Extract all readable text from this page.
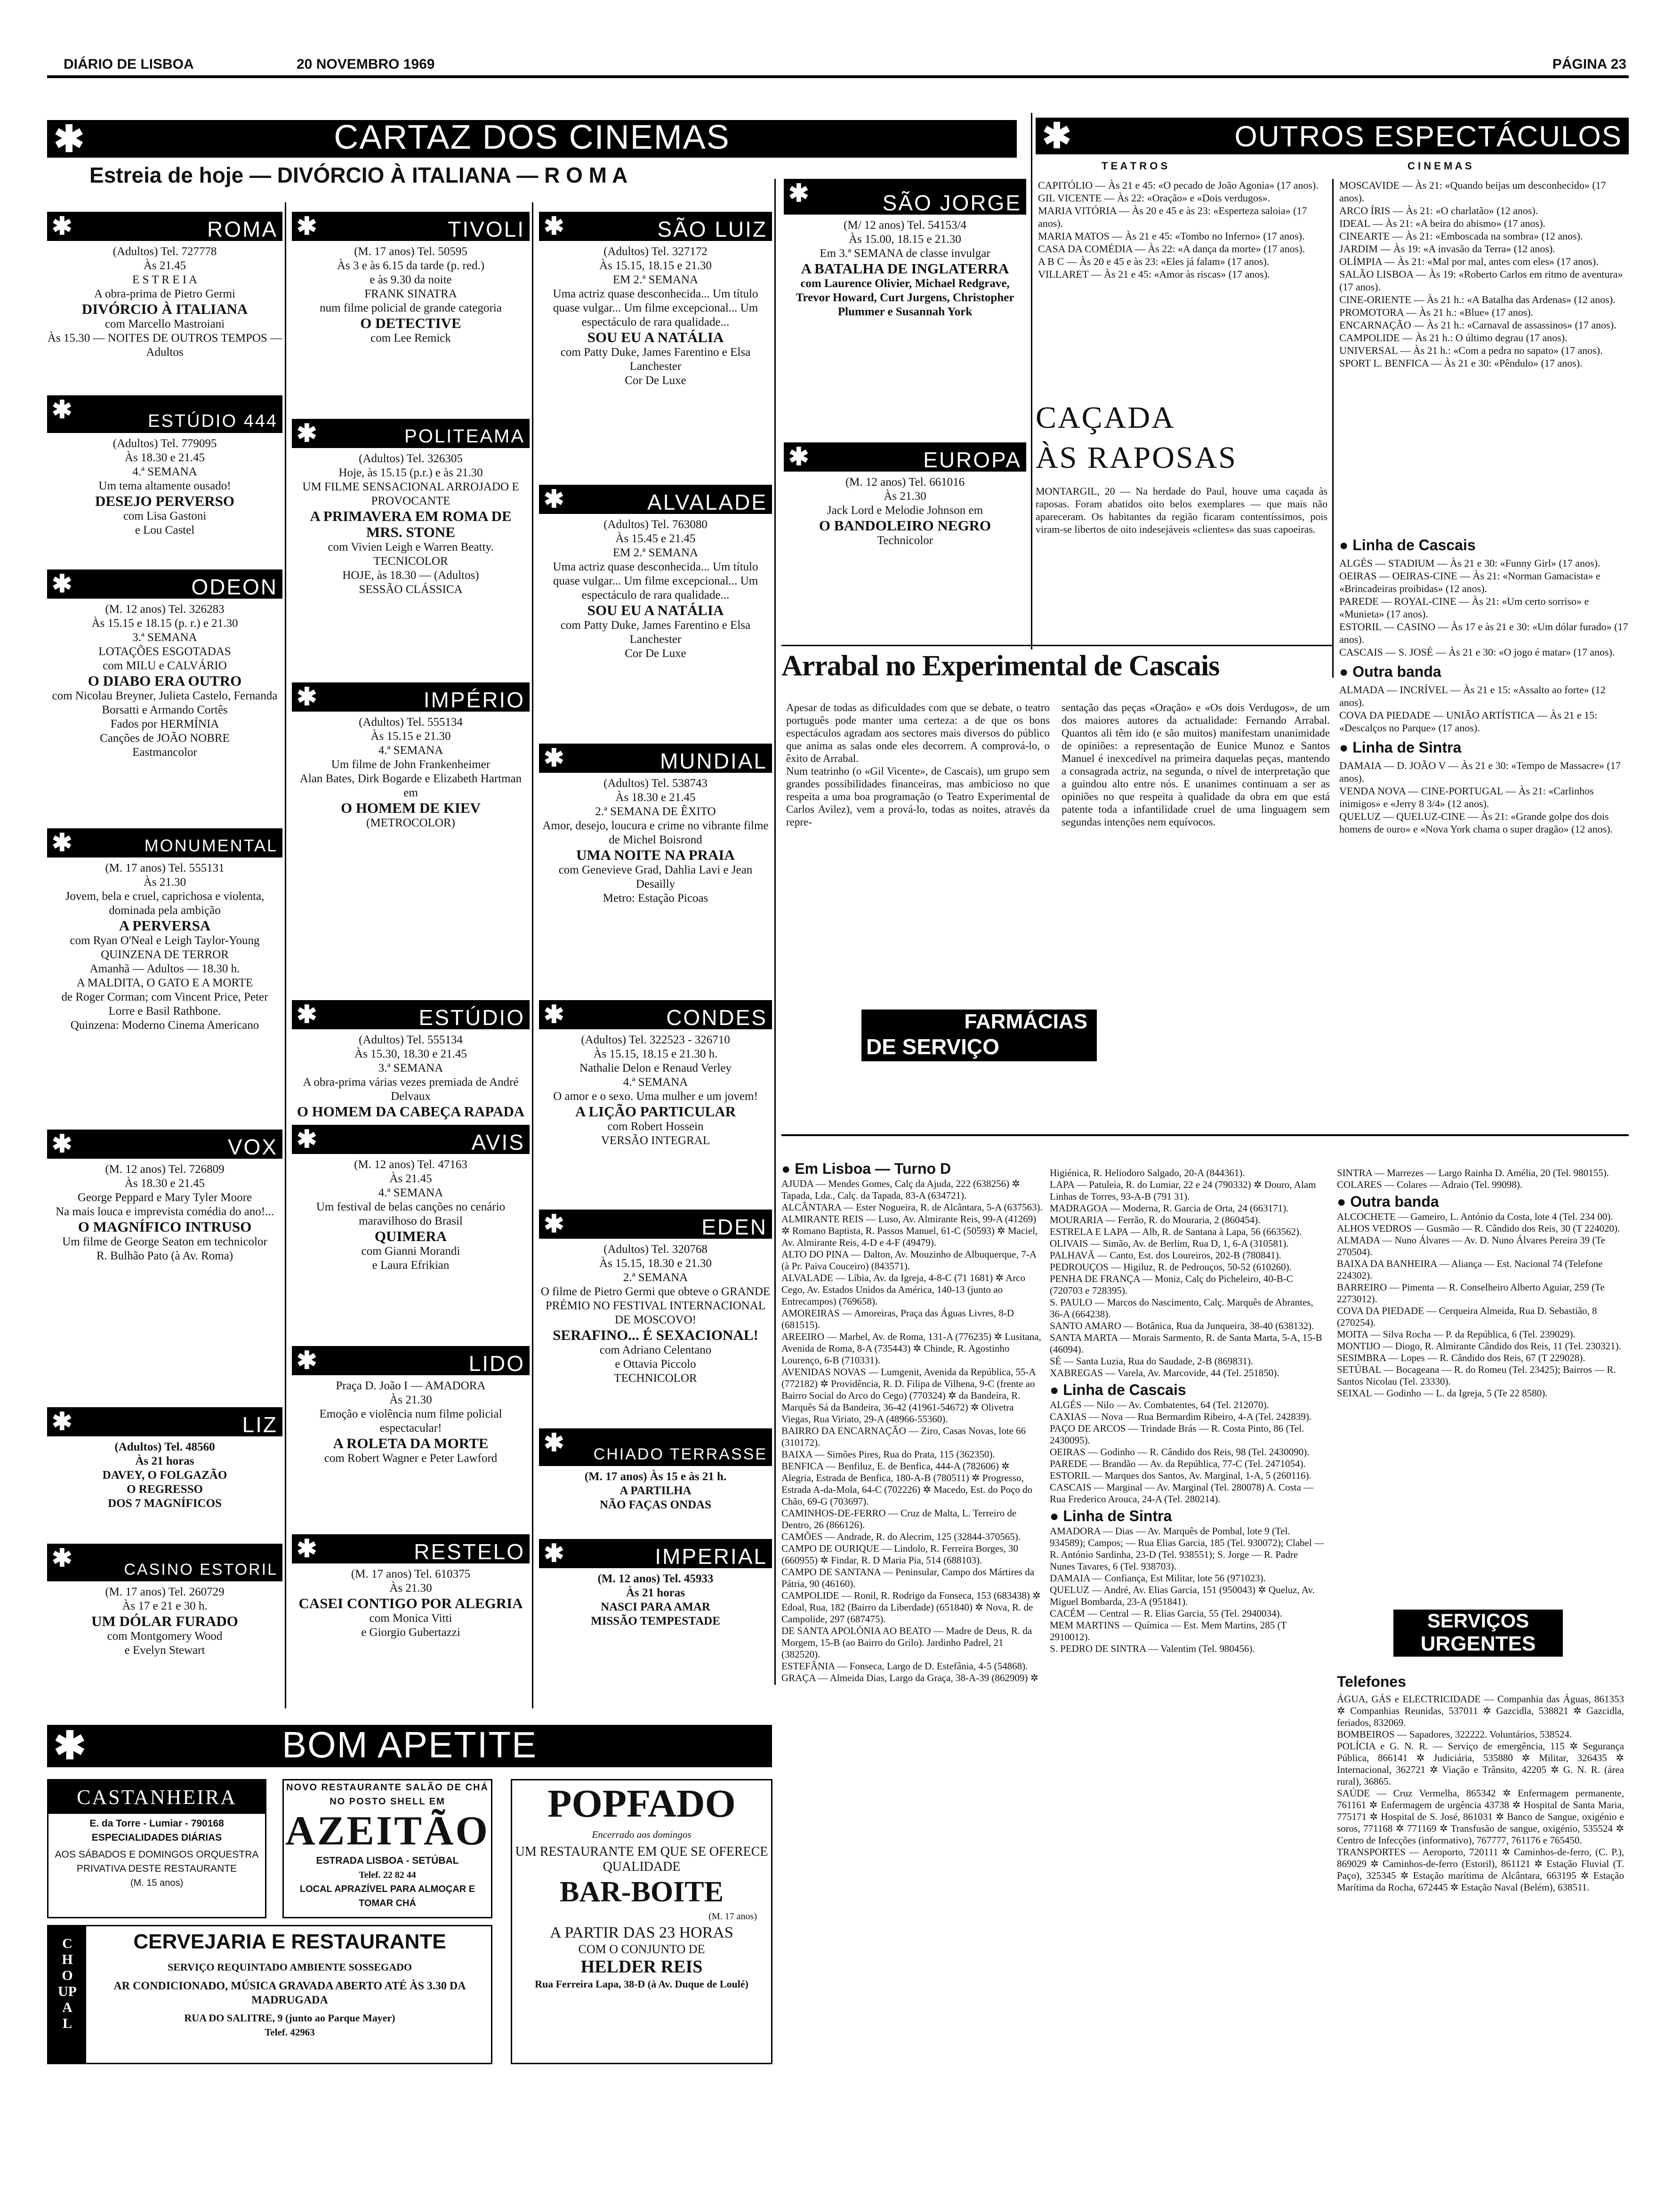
DIÁRIO DE LISBOA	20 NOVEMBRO 1969	PÁGINA 23
✱	CARTAZ DOS CINEMAS
Estreia de hoje — DIVÓRCIO À ITALIANA — R O M A
✱	OUTROS ESPECTÁCULOS
T E A T R O S	C I N E M A S
✱	ROMA
(Adultos) Tel. 727778
Às 21.45
E S T R E I A
A obra-prima de Pietro Germi
DIVÓRCIO À ITALIANA
com Marcello Mastroiani
Às 15.30 — NOITES DE OUTROS TEMPOS — Adultos
✱	ESTÚDIO 444
(Adultos) Tel. 779095
Às 18.30 e 21.45
4.ª SEMANA
Um tema altamente ousado!
DESEJO PERVERSO
com Lisa Gastoni
e Lou Castel
✱	ODEON
(M. 12 anos) Tel. 326283
Às 15.15 e 18.15 (p. r.) e 21.30
3.ª SEMANA
LOTAÇÕES ESGOTADAS
com MILU e CALVÁRIO
O DIABO ERA OUTRO
com Nicolau Breyner, Julieta Castelo, Fernanda Borsatti e Armando Cortês
Fados por HERMÍNIA
Canções de JOÃO NOBRE
Eastmancolor
✱	MONUMENTAL
(M. 17 anos) Tel. 555131
Às 21.30
Jovem, bela e cruel, caprichosa e violenta, dominada pela ambição
A PERVERSA
com Ryan O'Neal e Leigh Taylor-Young
QUINZENA DE TERROR
Amanhã — Adultos — 18.30 h.
A MALDITA, O GATO E A MORTE
de Roger Corman; com Vincent Price, Peter Lorre e Basil Rathbone.
Quinzena: Moderno Cinema Americano
✱	VOX
(M. 12 anos) Tel. 726809
Às 18.30 e 21.45
George Peppard e Mary Tyler Moore
Na mais louca e imprevista comédia do ano!...
O MAGNÍFICO INTRUSO
Um filme de George Seaton em technicolor
R. Bulhão Pato (à Av. Roma)
✱	LIZ
(Adultos) Tel. 48560
Às 21 horas
DAVEY, O FOLGAZÃO
O REGRESSO
DOS 7 MAGNÍFICOS
✱	CASINO ESTORIL
(M. 17 anos) Tel. 260729
Às 17 e 21 e 30 h.
UM DÓLAR FURADO
com Montgomery Wood
e Evelyn Stewart
✱	TIVOLI
(M. 17 anos) Tel. 50595
Às 3 e às 6.15 da tarde (p. red.)
e às 9.30 da noite
FRANK SINATRA
num filme policial de grande categoria
O DETECTIVE
com Lee Remick
✱	POLITEAMA
(Adultos) Tel. 326305
Hoje, às 15.15 (p.r.) e às 21.30
UM FILME SENSACIONAL ARROJADO E PROVOCANTE
A PRIMAVERA EM ROMA DE MRS. STONE
com Vivien Leigh e Warren Beatty.
TECNICOLOR
HOJE, às 18.30 — (Adultos)
SESSÃO CLÁSSICA
✱	IMPÉRIO
(Adultos) Tel. 555134
Às 15.15 e 21.30
4.ª SEMANA
Um filme de John Frankenheimer
Alan Bates, Dirk Bogarde e Elizabeth Hartman em
O HOMEM DE KIEV
(METROCOLOR)
✱	ESTÚDIO
(Adultos) Tel. 555134
Às 15.30, 18.30 e 21.45
3.ª SEMANA
A obra-prima várias vezes premiada de André Delvaux
O HOMEM DA CABEÇA RAPADA
✱	AVIS
(M. 12 anos) Tel. 47163
Às 21.45
4.ª SEMANA
Um festival de belas canções no cenário maravilhoso do Brasil
QUIMERA
com Gianni Morandi
e Laura Efrikian
✱	LIDO
Praça D. João I — AMADORA
Às 21.30
Emoção e violência num filme policial espectacular!
A ROLETA DA MORTE
com Robert Wagner e Peter Lawford
✱	RESTELO
(M. 17 anos) Tel. 610375
Às 21.30
CASEI CONTIGO POR ALEGRIA
com Monica Vitti
e Giorgio Gubertazzi
✱	SÃO LUIZ
(Adultos) Tel. 327172
Às 15.15, 18.15 e 21.30
EM 2.ª SEMANA
Uma actriz quase desconhecida... Um título quase vulgar... Um filme excepcional... Um espectáculo de rara qualidade...
SOU EU A NATÁLIA
com Patty Duke, James Farentino e Elsa Lanchester
Cor De Luxe
✱	ALVALADE
(Adultos) Tel. 763080
Às 15.45 e 21.45
EM 2.ª SEMANA
Uma actriz quase desconhecida... Um título quase vulgar... Um filme excepcional... Um espectáculo de rara qualidade...
SOU EU A NATÁLIA
com Patty Duke, James Farentino e Elsa Lanchester
Cor De Luxe
✱	MUNDIAL
(Adultos) Tel. 538743
Às 18.30 e 21.45
2.ª SEMANA DE ÊXITO
Amor, desejo, loucura e crime no vibrante filme de Michel Boisrond
UMA NOITE NA PRAIA
com Genevieve Grad, Dahlia Lavi e Jean Desailly
Metro: Estação Picoas
✱	CONDES
(Adultos) Tel. 322523 - 326710
Às 15.15, 18.15 e 21.30 h.
Nathalie Delon e Renaud Verley
4.ª SEMANA
O amor e o sexo. Uma mulher e um jovem!
A LIÇÃO PARTICULAR
com Robert Hossein
VERSÃO INTEGRAL
✱	EDEN
(Adultos) Tel. 320768
Às 15.15, 18.30 e 21.30
2.ª SEMANA
O filme de Pietro Germi que obteve o GRANDE PRÉMIO NO FESTIVAL INTERNACIONAL DE MOSCOVO!
SERAFINO... É SEXACIONAL!
com Adriano Celentano
e Ottavia Piccolo
TECHNICOLOR
✱ CHIADO TERRASSE
(M. 17 anos) Às 15 e às 21 h.
A PARTILHA
NÃO FAÇAS ONDAS
✱	IMPERIAL
(M. 12 anos) Tel. 45933
Às 21 horas
NASCI PARA AMAR
MISSÃO TEMPESTADE
✱	SÃO JORGE
(M/ 12 anos) Tel. 54153/4
Às 15.00, 18.15 e 21.30
Em 3.ª SEMANA de classe invulgar
A BATALHA DE INGLATERRA
com Laurence Olivier, Michael Redgrave, Trevor Howard, Curt Jurgens, Christopher Plummer e Susannah York
✱	EUROPA
(M. 12 anos) Tel. 661016
Às 21.30
Jack Lord e Melodie Johnson em
O BANDOLEIRO NEGRO
Technicolor
CAPITÓLIO — Às 21 e 45: «O pecado de João Agonia» (17 anos).
GIL VICENTE — Às 22: «Oração» e «Dois verdugos».
MARIA VITÓRIA — Às 20 e 45 e às 23: «Esperteza saloia» (17 anos).
MARIA MATOS — Às 21 e 45: «Tombo no Inferno» (17 anos).
CASA DA COMÉDIA — Às 22: «A dança da morte» (17 anos).
A B C — Às 20 e 45 e às 23: «Eles já falam» (17 anos).
VILLARET — Às 21 e 45: «Amor às riscas» (17 anos).
MOSCAVIDE — Às 21: «Quando beijas um desconhecido» (17 anos).
ARCO ÍRIS — Às 21: «O charlatão» (12 anos).
IDEAL — Às 21: «A beira do abismo» (17 anos).
CINEARTE — Às 21: «Emboscada na sombra» (12 anos).
JARDIM — Às 19: «A invasão da Terra» (12 anos).
OLÍMPIA — Às 21: «Mal por mal, antes com eles» (17 anos).
SALÃO LISBOA — Às 19: «Roberto Carlos em ritmo de aventura» (17 anos).
CINE-ORIENTE — Às 21 h.: «A Batalha das Ardenas» (12 anos).
PROMOTORA — Às 21 h.: «Blue» (17 anos).
ENCARNAÇÃO — Às 21 h.: «Carnaval de assassinos» (17 anos).
CAMPOLIDE — Às 21 h.: O último degrau (17 anos).
UNIVERSAL — Às 21 h.: «Com a pedra no sapato» (17 anos).
SPORT L. BENFICA — Às 21 e 30: «Pêndulo» (17 anos).
CAÇADA
ÀS RAPOSAS
MONTARGIL, 20 — Na herdade do Paul, houve uma caçada às raposas. Foram abatidos oito belos exemplares — que mais não apareceram. Os habitantes da região ficaram contentíssimos, pois viram-se libertos de oito indesejáveis «clientes» das suas capoeiras.
● Linha de Cascais
ALGÉS — STADIUM — Às 21 e 30: «Funny Girl» (17 anos).
OEIRAS — OEIRAS-CINE — Às 21: «Norman Gamacista» e «Brincadeiras proibidas» (12 anos).
PAREDE — ROYAL-CINE — Às 21: «Um certo sorriso» e «Munieta» (17 anos).
ESTORIL — CASINO — Às 17 e às 21 e 30: «Um dólar furado» (17 anos).
CASCAIS — S. JOSÉ — Às 21 e 30: «O jogo é matar» (17 anos).
● Outra banda
ALMADA — INCRÍVEL — Às 21 e 15: «Assalto ao forte» (12 anos).
COVA DA PIEDADE — UNIÃO ARTÍSTICA — Às 21 e 15: «Descalços no Parque» (17 anos).
● Linha de Sintra
DAMAIA — D. JOÃO V — Às 21 e 30: «Tempo de Massacre» (17 anos).
VENDA NOVA — CINE-PORTUGAL — Às 21: «Carlinhos inimigos» e «Jerry 8 3/4» (12 anos).
QUELUZ — QUELUZ-CINE — Às 21: «Grande golpe dos dois homens de ouro» e «Nova York chama o super dragão» (12 anos).
Arrabal no Experimental de Cascais
Apesar de todas as dificuldades com que se debate, o teatro português pode manter uma certeza: a de que os bons espectáculos agradam aos sectores mais diversos do público que anima as salas onde eles decorrem. A comprová-lo, o êxito de Arrabal.
Num teatrinho (o «Gil Vicente», de Cascais), um grupo sem grandes possibilidades financeiras, mas ambicioso no que respeita a uma boa programação (o Teatro Experimental de Carlos Avilez), vem a prová-lo, todas as noites, através da repre-
sentação das peças «Oração» e «Os dois Verdugos», de um dos maiores autores da actualidade: Fernando Arrabal. Quantos ali têm ido (e são muitos) manifestam unanimidade de opiniões: a representação de Eunice Munoz e Santos Manuel é inexcedível na primeira daquelas peças, mantendo a consagrada actriz, na segunda, o nível de interpretação que a guindou alto entre nós. E unanimes continuam a ser as opiniões no que respeita à qualidade da obra em que está patente toda a infantilidade cruel de uma linguagem sem segundas intenções nem equívocos.
FARMÁCIAS
DE SERVIÇO
● Em Lisboa — Turno D
AJUDA — Mendes Gomes, Calç da Ajuda, 222 (638256) ✲ Tapada, Lda., Calç. da Tapada, 83-A (634721).
ALCÂNTARA — Ester Nogueira, R. de Alcântara, 5-A (637563).
ALMIRANTE REIS — Luso, Av. Almirante Reis, 99-A (41269) ✲ Romano Baptista, R. Passos Manuel, 61-C (50593) ✲ Maciel, Av. Almirante Reis, 4-D e 4-F (49479).
ALTO DO PINA — Dalton, Av. Mouzinho de Albuquerque, 7-A (à Pr. Paiva Couceiro) (843571).
ALVALADE — Líbia, Av. da Igreja, 4-8-C (71 1681) ✲ Arco Cego, Av. Estados Unidos da América, 140-13 (junto ao Entrecampos) (769658).
AMOREIRAS — Amoreiras, Praça das Águas Livres, 8-D (681515).
AREEIRO — Marbel, Av. de Roma, 131-A (776235) ✲ Lusitana, Avenida de Roma, 8-A (735443) ✲ Chinde, R. Agostinho Lourenço, 6-B (710331).
AVENIDAS NOVAS — Lumgenit, Avenida da República, 55-A (772182) ✲ Providência, R. D. Filipa de Vilhena, 9-C (frente ao Bairro Social do Arco do Cego) (770324) ✲ da Bandeira, R. Marquês Sá da Bandeira, 36-42 (41961-54672) ✲ Olivetra Viegas, Rua Viriato, 29-A (48966-55360).
BAIRRO DA ENCARNAÇÃO — Ziro, Casas Novas, lote 66 (310172).
BAIXA — Simões Pires, Rua do Prata, 115 (362350).
BENFICA — Benfiluz, E. de Benfica, 444-A (782606) ✲ Alegria, Estrada de Benfica, 180-A-B (780511) ✲ Progresso, Estrada A-da-Mola, 64-C (702226) ✲ Macedo, Est. do Poço do Chão, 69-G (703697).
CAMINHOS-DE-FERRO — Cruz de Malta, L. Terreiro de Dentro, 26 (866126).
CAMÕES — Andrade, R. do Alecrim, 125 (32844-370565).
CAMPO DE OURIQUE — Lindolo, R. Ferreira Borges, 30 (660955) ✲ Findar, R. D Maria Pia, 514 (688103).
CAMPO DE SANTANA — Peninsular, Campo dos Mártires da Pátria, 90 (46160).
CAMPOLIDE — Ronil, R. Rodrigo da Fonseca, 153 (683438) ✲ Edoal, Rua, 182 (Bairro da Liberdade) (651840) ✲ Nova, R. de Campolide, 297 (687475).
DE SANTA APOLÓNIA AO BEATO — Madre de Deus, R. da Morgem, 15-B (ao Bairro do Grilo). Jardinho Padrel, 21 (382520).
ESTEFÂNIA — Fonseca, Largo de D. Estefânia, 4-5 (54868).
GRAÇA — Almeida Dias, Largo da Graça, 38-A-39 (862909) ✲
Higiénica, R. Heliodoro Salgado, 20-A (844361).
LAPA — Patuleia, R. do Lumiar, 22 e 24 (790332) ✲ Douro, Alam Linhas de Torres, 93-A-B (791 31).
MADRAGOA — Moderna, R. Garcia de Orta, 24 (663171).
MOURARIA — Ferrão, R. do Mouraria, 2 (860454).
ESTRELA E LAPA — Alb, R. de Santana à Lapa, 56 (663562).
OLIVAIS — Simão, Av. de Berlim, Rua D, 1, 6-A (310581).
PALHAVÃ — Canto, Est. dos Loureiros, 202-B (780841).
PEDROUÇOS — Higiluz, R. de Pedrouços, 50-52 (610260).
PENHA DE FRANÇA — Moniz, Calç do Picheleiro, 40-B-C (720703 e 728395).
S. PAULO — Marcos do Nascimento, Calç. Marquês de Abrantes, 36-A (664238).
SANTO AMARO — Botânica, Rua da Junqueira, 38-40 (638132).
SANTA MARTA — Morais Sarmento, R. de Santa Marta, 5-A, 15-B (46094).
SÉ — Santa Luzia, Rua do Saudade, 2-B (869831).
XABREGAS — Varela, Av. Marcovide, 44 (Tel. 251850).
● Linha de Cascais
ALGÉS — Nilo — Av. Combatentes, 64 (Tel. 212070).
CAXIAS — Nova — Rua Bermardim Ribeiro, 4-A (Tel. 242839).
PAÇO DE ARCOS — Trindade Brás — R. Costa Pinto, 86 (Tel. 2430095).
OEIRAS — Godinho — R. Cândido dos Reis, 98 (Tel. 2430090).
PAREDE — Brandão — Av. da República, 77-C (Tel. 2471054).
ESTORIL — Marques dos Santos, Av. Marginal, 1-A, 5 (260116).
CASCAIS — Marginal — Av. Marginal (Tel. 280078) A. Costa — Rua Frederico Arouca, 24-A (Tel. 280214).
● Linha de Sintra
AMADORA — Dias — Av. Marquês de Pombal, lote 9 (Tel. 934589); Campos; — Rua Elias Garcia, 185 (Tel. 930072); Clabel — R. António Sardinha, 23-D (Tel. 938551); S. Jorge — R. Padre Nunes Tavares, 6 (Tel. 938703).
DAMAIA — Confiança, Est Militar, lote 56 (971023).
QUELUZ — André, Av. Elias Garcia, 151 (950043) ✲ Queluz, Av. Miguel Bombarda, 23-A (951841).
CACÉM — Central — R. Elias Garcia, 55 (Tel. 2940034).
MEM MARTINS — Química — Est. Mem Martins, 285 (T 2910012).
S. PEDRO DE SINTRA — Valentim (Tel. 980456).
SINTRA — Marrezes — Largo Rainha D. Amélia, 20 (Tel. 980155).
COLARES — Colares — Adraio (Tel. 99098).
● Outra banda
ALCOCHETE — Gameiro, L. António da Costa, lote 4 (Tel. 234 00).
ALHOS VEDROS — Gusmão — R. Cândido dos Reis, 30 (T 224020).
ALMADA — Nuno Álvares — Av. D. Nuno Álvares Pereira 39 (Te 270504).
BAIXA DA BANHEIRA — Aliança — Est. Nacional 74 (Telefone 224302).
BARREIRO — Pimenta — R. Conselheiro Alberto Aguiar, 259 (Te 2273012).
COVA DA PIEDADE — Cerqueira Almeida, Rua D. Sebastião, 8 (270254).
MOITA — Silva Rocha — P. da República, 6 (Tel. 239029).
MONTIJO — Diogo, R. Almirante Cândido dos Reis, 11 (Tel. 230321).
SESIMBRA — Lopes — R. Cândido dos Reis, 67 (T 229028).
SETÚBAL — Bocageana — R. do Romeu (Tel. 23425); Bairros — R. Santos Nicolau (Tel. 23330).
SEIXAL — Godinho — L. da Igreja, 5 (Te 22 8580).
SERVIÇOS
URGENTES
Telefones
ÁGUA, GÁS e ELECTRICIDADE — Companhia das Águas, 861353 ✲ Companhias Reunidas, 537011 ✲ Gazcidla, 538821 ✲ Gazcidla, feriados, 832069.
BOMBEIROS — Sapadores, 322222. Voluntários, 538524.
POLÍCIA e G. N. R. — Serviço de emergência, 115 ✲ Segurança Pública, 866141 ✲ Judiciária, 535880 ✲ Militar, 326435 ✲ Internacional, 362721 ✲ Viação e Trânsito, 42205 ✲ G. N. R. (área rural), 36865.
SAÚDE — Cruz Vermelha, 865342 ✲ Enfermagem permanente, 761161 ✲ Enfermagem de urgência 43738 ✲ Hospital de Santa Maria, 775171 ✲ Hospital de S. José, 861031 ✲ Banco de Sangue, oxigénio e soros, 771168 ✲ 771169 ✲ Transfusão de sangue, oxigénio, 535524 ✲ Centro de Infecções (informativo), 767777, 761176 e 765450.
TRANSPORTES — Aeroporto, 720111 ✲ Caminhos-de-ferro, (C. P.), 869029 ✲ Caminhos-de-ferro (Estoril), 861121 ✲ Estação Fluvial (T. Paço), 325345 ✲ Estação marítima de Alcântara, 663195 ✲ Estação Marítima da Rocha, 672445 ✲ Estação Naval (Belém), 638511.
✱	BOM APETITE
CASTANHEIRA
E. da Torre - Lumiar - 790168
ESPECIALIDADES DIÁRIAS
AOS SÁBADOS E DOMINGOS ORQUESTRA PRIVATIVA DESTE RESTAURANTE
(M. 15 anos)
NOVO RESTAURANTE SALÃO DE CHÁ NO POSTO SHELL EM
AZEITÃO
ESTRADA LISBOA - SETÚBAL
Telef. 22 82 44
LOCAL APRAZÍVEL PARA ALMOÇAR E TOMAR CHÁ
POPFADO
Encerrado aos domingos
UM RESTAURANTE EM QUE SE OFERECE QUALIDADE
BAR-BOITE
(M. 17 anos)
A PARTIR DAS 23 HORAS
COM O CONJUNTO DE
HELDER REIS
Rua Ferreira Lapa, 38-D (à Av. Duque de Loulé)
CHOUPAL
CERVEJARIA E RESTAURANTE
SERVIÇO REQUINTADO AMBIENTE SOSSEGADO
AR CONDICIONADO, MÚSICA GRAVADA ABERTO ATÉ ÀS 3.30 DA MADRUGADA
RUA DO SALITRE, 9 (junto ao Parque Mayer)
Telef. 42963
